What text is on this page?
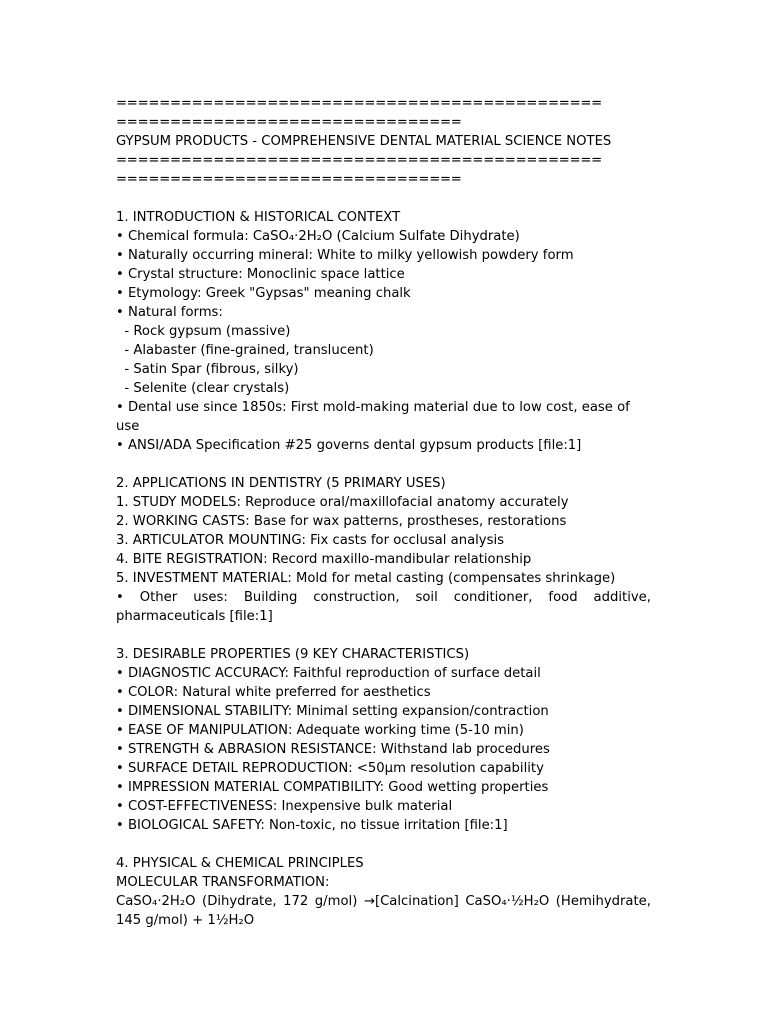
=============================================
================================
GYPSUM PRODUCTS - COMPREHENSIVE DENTAL MATERIAL SCIENCE NOTES
=============================================
================================
1. INTRODUCTION & HISTORICAL CONTEXT
• Chemical formula: CaSO₄·2H₂O (Calcium Sulfate Dihydrate)
• Naturally occurring mineral: White to milky yellowish powdery form
• Crystal structure: Monoclinic space lattice
• Etymology: Greek "Gypsas" meaning chalk
• Natural forms:
- Rock gypsum (massive)
- Alabaster (fine-grained, translucent)
- Satin Spar (fibrous, silky)
- Selenite (clear crystals)
• Dental use since 1850s: First mold-making material due to low cost, ease of use
• ANSI/ADA Specification #25 governs dental gypsum products [file:1]
2. APPLICATIONS IN DENTISTRY (5 PRIMARY USES)
1. STUDY MODELS: Reproduce oral/maxillofacial anatomy accurately
2. WORKING CASTS: Base for wax patterns, prostheses, restorations
3. ARTICULATOR MOUNTING: Fix casts for occlusal analysis
4. BITE REGISTRATION: Record maxillo-mandibular relationship
5. INVESTMENT MATERIAL: Mold for metal casting (compensates shrinkage)
• Other uses: Building construction, soil conditioner, food additive, pharmaceuticals [file:1]
3. DESIRABLE PROPERTIES (9 KEY CHARACTERISTICS)
• DIAGNOSTIC ACCURACY: Faithful reproduction of surface detail
• COLOR: Natural white preferred for aesthetics
• DIMENSIONAL STABILITY: Minimal setting expansion/contraction
• EASE OF MANIPULATION: Adequate working time (5-10 min)
• STRENGTH & ABRASION RESISTANCE: Withstand lab procedures
• SURFACE DETAIL REPRODUCTION: <50μm resolution capability
• IMPRESSION MATERIAL COMPATIBILITY: Good wetting properties
• COST-EFFECTIVENESS: Inexpensive bulk material
• BIOLOGICAL SAFETY: Non-toxic, no tissue irritation [file:1]
4. PHYSICAL & CHEMICAL PRINCIPLES
MOLECULAR TRANSFORMATION:
CaSO₄·2H₂O (Dihydrate, 172 g/mol) →[Calcination] CaSO₄·½H₂O (Hemihydrate, 145 g/mol) + 1½H₂O
